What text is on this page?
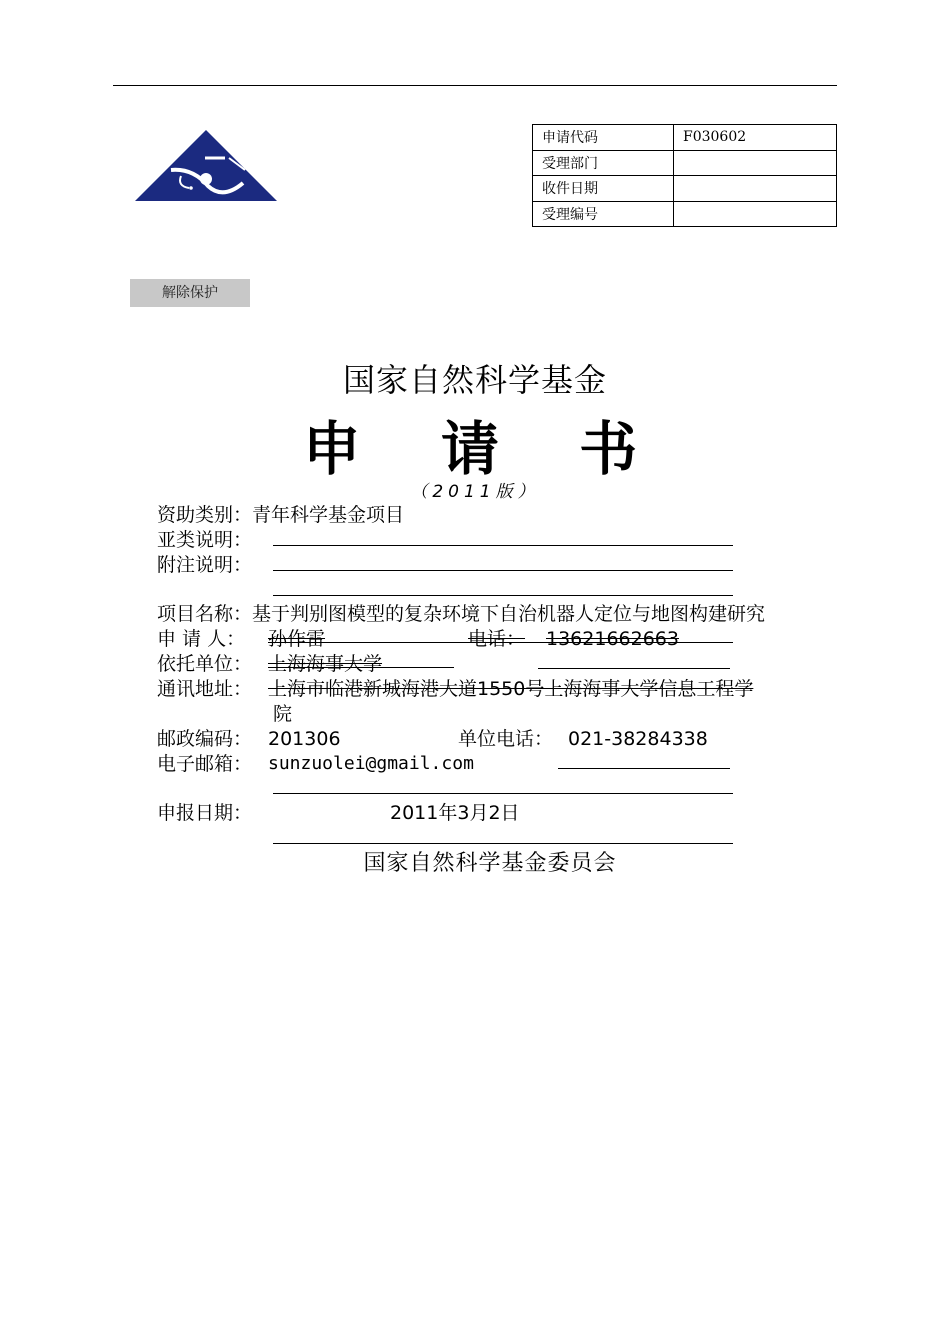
申请代码	F030602
受理部门	
收件日期	
受理编号	
解除保护
国家自然科学基金
申 请 书
（2011版）
资助类别：青年科学基金项目
亚类说明：
附注说明：
项目名称：基于判别图模型的复杂环境下自治机器人定位与地图构建研究
申 请 人： 孙作雷	电话： 13621662663
依托单位： 上海海事大学
通讯地址： 上海市临港新城海港大道1550号上海海事大学信息工程学
院
邮政编码： 201306	单位电话： 021-38284338
电子邮箱： sunzuolei@gmail.com
申报日期：	2011年3月2日
国家自然科学基金委员会
